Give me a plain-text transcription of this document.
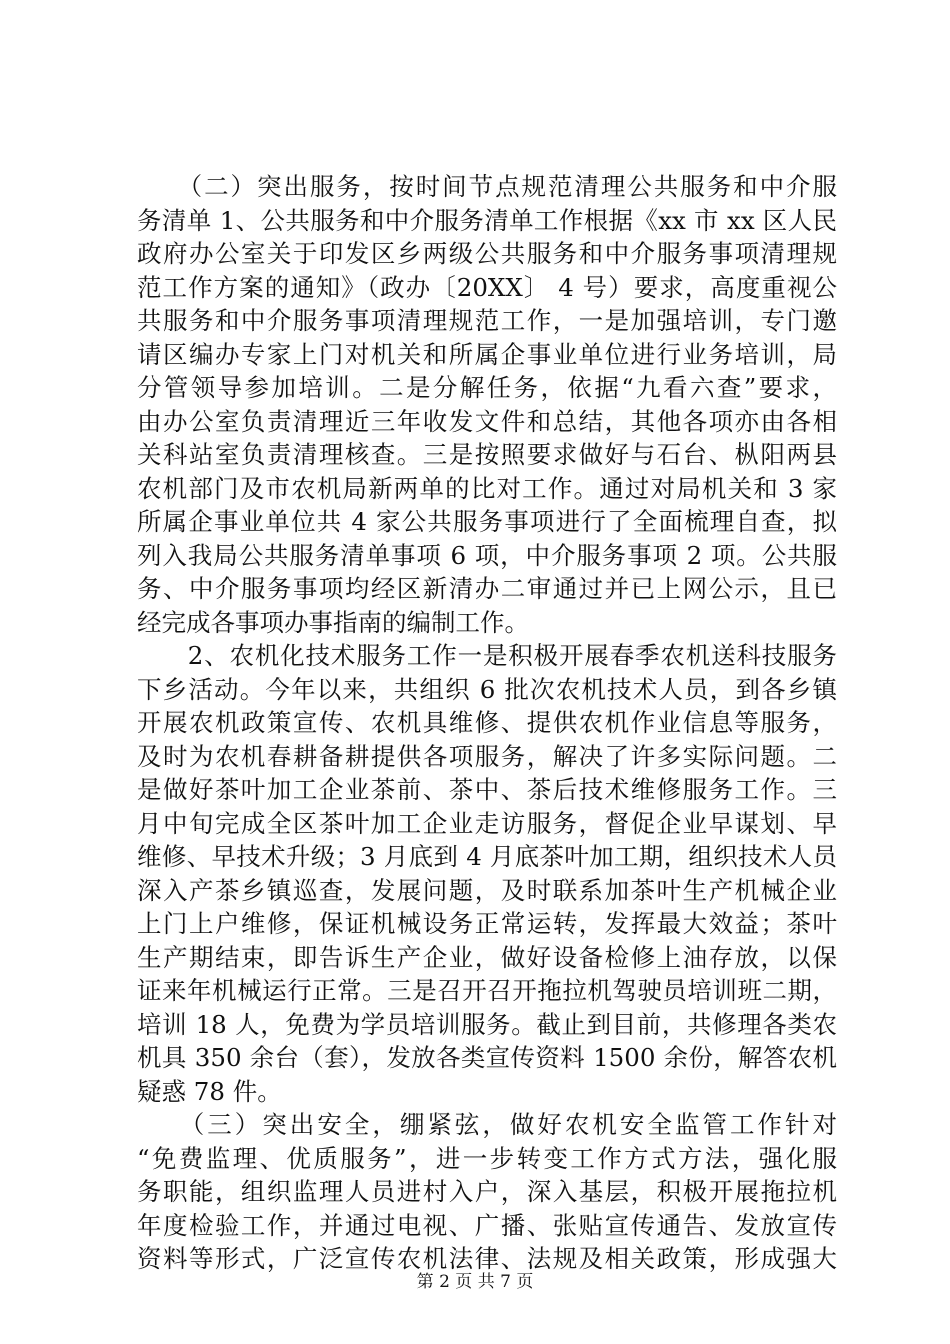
　　（二）突出服务，按时间节点规范清理公共服务和中介服
务清单 1、公共服务和中介服务清单工作根据《xx 市 xx 区人民
政府办公室关于印发区乡两级公共服务和中介服务事项清理规
范工作方案的通知》（政办〔20XX〕 4 号）要求，高度重视公
共服务和中介服务事项清理规范工作，一是加强培训，专门邀
请区编办专家上门对机关和所属企事业单位进行业务培训，局
分管领导参加培训。二是分解任务，依据“九看六查”要求，
由办公室负责清理近三年收发文件和总结，其他各项亦由各相
关科站室负责清理核查。三是按照要求做好与石台、枞阳两县
农机部门及市农机局新两单的比对工作。通过对局机关和 3 家
所属企事业单位共 4 家公共服务事项进行了全面梳理自查，拟
列入我局公共服务清单事项 6 项，中介服务事项 2 项。公共服
务、中介服务事项均经区新清办二审通过并已上网公示，且已
经完成各事项办事指南的编制工作。
　　2、农机化技术服务工作一是积极开展春季农机送科技服务
下乡活动。今年以来，共组织 6 批次农机技术人员，到各乡镇
开展农机政策宣传、农机具维修、提供农机作业信息等服务，
及时为农机春耕备耕提供各项服务，解决了许多实际问题。二
是做好茶叶加工企业茶前、茶中、茶后技术维修服务工作。三
月中旬完成全区茶叶加工企业走访服务，督促企业早谋划、早
维修、早技术升级；3 月底到 4 月底茶叶加工期，组织技术人员
深入产茶乡镇巡查，发展问题，及时联系加茶叶生产机械企业
上门上户维修，保证机械设务正常运转，发挥最大效益；茶叶
生产期结束，即告诉生产企业，做好设备检修上油存放，以保
证来年机械运行正常。三是召开召开拖拉机驾驶员培训班二期，
培训 18 人，免费为学员培训服务。截止到目前，共修理各类农
机具 350 余台（套），发放各类宣传资料 1500 余份，解答农机
疑惑 78 件。
　　（三）突出安全，绷紧弦，做好农机安全监管工作针对
“免费监理、优质服务”，进一步转变工作方式方法，强化服
务职能，组织监理人员进村入户，深入基层，积极开展拖拉机
年度检验工作，并通过电视、广播、张贴宣传通告、发放宣传
资料等形式，广泛宣传农机法律、法规及相关政策，形成强大
第 2 页 共 7 页
